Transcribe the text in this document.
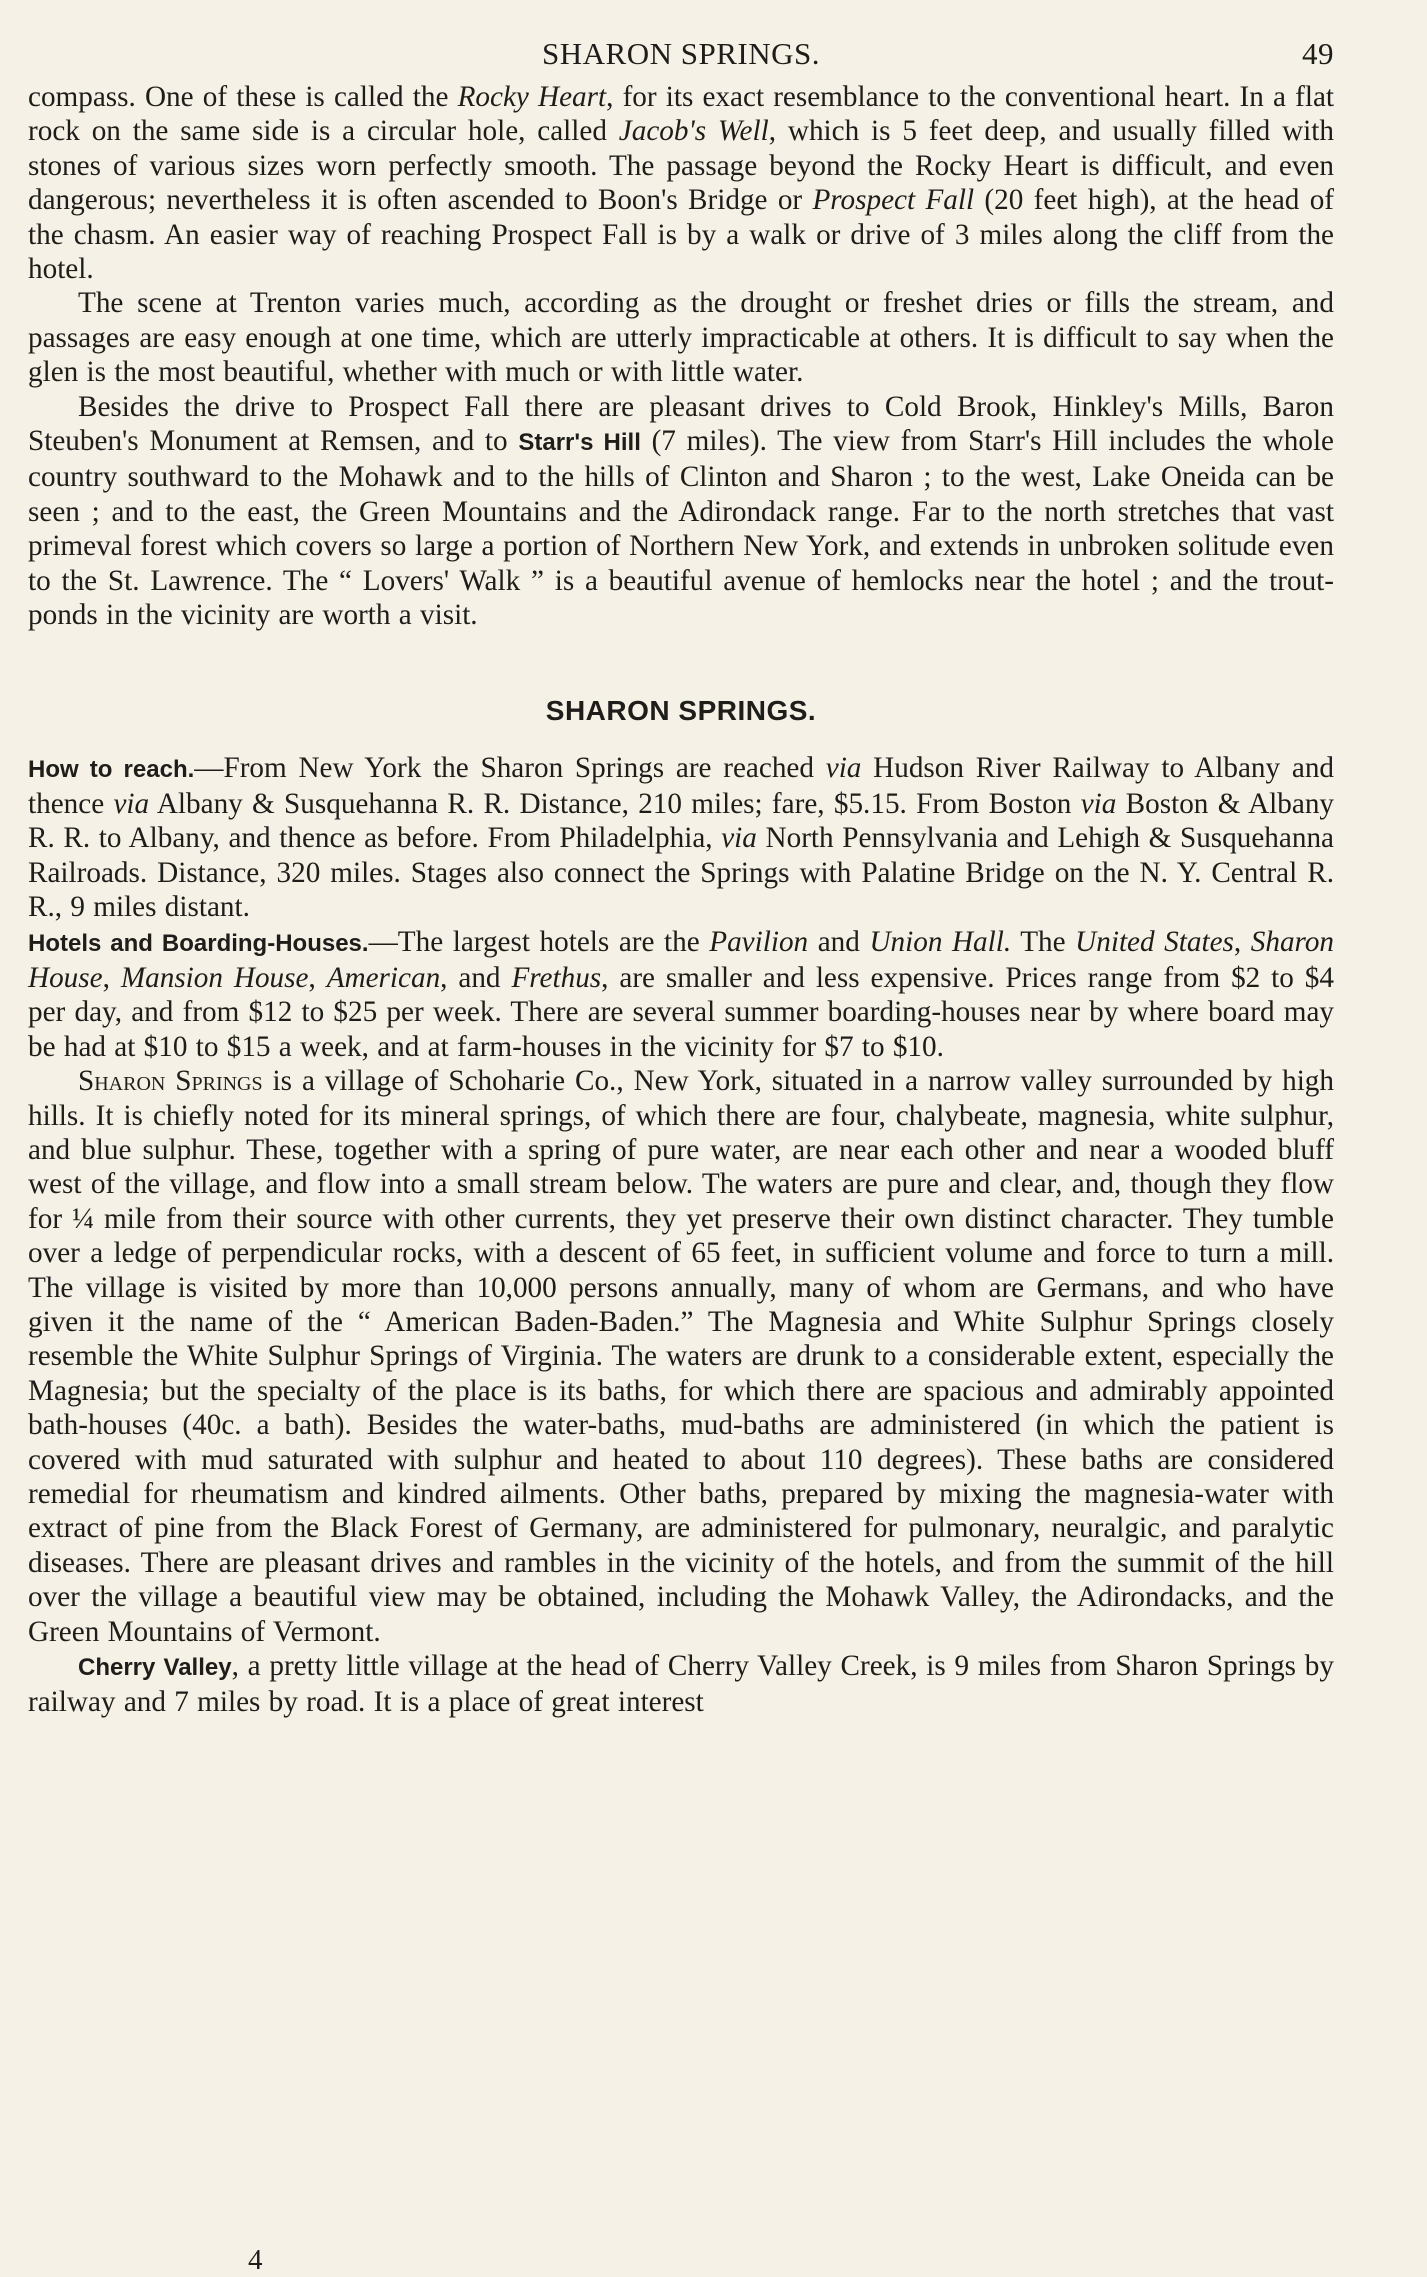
SHARON SPRINGS.	49

compass. One of these is called the Rocky Heart, for its exact resemblance to the conventional heart. In a flat rock on the same side is a circular hole, called Jacob's Well, which is 5 feet deep, and usually filled with stones of various sizes worn perfectly smooth. The passage beyond the Rocky Heart is difficult, and even dangerous; nevertheless it is often ascended to Boon's Bridge or Prospect Fall (20 feet high), at the head of the chasm. An easier way of reaching Prospect Fall is by a walk or drive of 3 miles along the cliff from the hotel.

The scene at Trenton varies much, according as the drought or freshet dries or fills the stream, and passages are easy enough at one time, which are utterly impracticable at others. It is difficult to say when the glen is the most beautiful, whether with much or with little water.

Besides the drive to Prospect Fall there are pleasant drives to Cold Brook, Hinkley's Mills, Baron Steuben's Monument at Remsen, and to Starr's Hill (7 miles). The view from Starr's Hill includes the whole country southward to the Mohawk and to the hills of Clinton and Sharon ; to the west, Lake Oneida can be seen ; and to the east, the Green Mountains and the Adirondack range. Far to the north stretches that vast primeval forest which covers so large a portion of Northern New York, and extends in unbroken solitude even to the St. Lawrence. The “ Lovers' Walk ” is a beautiful avenue of hemlocks near the hotel ; and the trout-ponds in the vicinity are worth a visit.

SHARON SPRINGS.

How to reach.—From New York the Sharon Springs are reached via Hudson River Railway to Albany and thence via Albany & Susquehanna R. R. Distance, 210 miles; fare, $5.15. From Boston via Boston & Albany R. R. to Albany, and thence as before. From Philadelphia, via North Pennsylvania and Lehigh & Susquehanna Railroads. Distance, 320 miles. Stages also connect the Springs with Palatine Bridge on the N. Y. Central R. R., 9 miles distant.

Hotels and Boarding-Houses.—The largest hotels are the Pavilion and Union Hall. The United States, Sharon House, Mansion House, American, and Frethus, are smaller and less expensive. Prices range from $2 to $4 per day, and from $12 to $25 per week. There are several summer boarding-houses near by where board may be had at $10 to $15 a week, and at farm-houses in the vicinity for $7 to $10.

Sharon Springs is a village of Schoharie Co., New York, situated in a narrow valley surrounded by high hills. It is chiefly noted for its mineral springs, of which there are four, chalybeate, magnesia, white sulphur, and blue sulphur. These, together with a spring of pure water, are near each other and near a wooded bluff west of the village, and flow into a small stream below. The waters are pure and clear, and, though they flow for ¼ mile from their source with other currents, they yet preserve their own distinct character. They tumble over a ledge of perpendicular rocks, with a descent of 65 feet, in sufficient volume and force to turn a mill. The village is visited by more than 10,000 persons annually, many of whom are Germans, and who have given it the name of the “ American Baden-Baden.” The Magnesia and White Sulphur Springs closely resemble the White Sulphur Springs of Virginia. The waters are drunk to a considerable extent, especially the Magnesia; but the specialty of the place is its baths, for which there are spacious and admirably appointed bath-houses (40c. a bath). Besides the water-baths, mud-baths are administered (in which the patient is covered with mud saturated with sulphur and heated to about 110 degrees). These baths are considered remedial for rheumatism and kindred ailments. Other baths, prepared by mixing the magnesia-water with extract of pine from the Black Forest of Germany, are administered for pulmonary, neuralgic, and paralytic diseases. There are pleasant drives and rambles in the vicinity of the hotels, and from the summit of the hill over the village a beautiful view may be obtained, including the Mohawk Valley, the Adirondacks, and the Green Mountains of Vermont.

Cherry Valley, a pretty little village at the head of Cherry Valley Creek, is 9 miles from Sharon Springs by railway and 7 miles by road. It is a place of great interest

4
